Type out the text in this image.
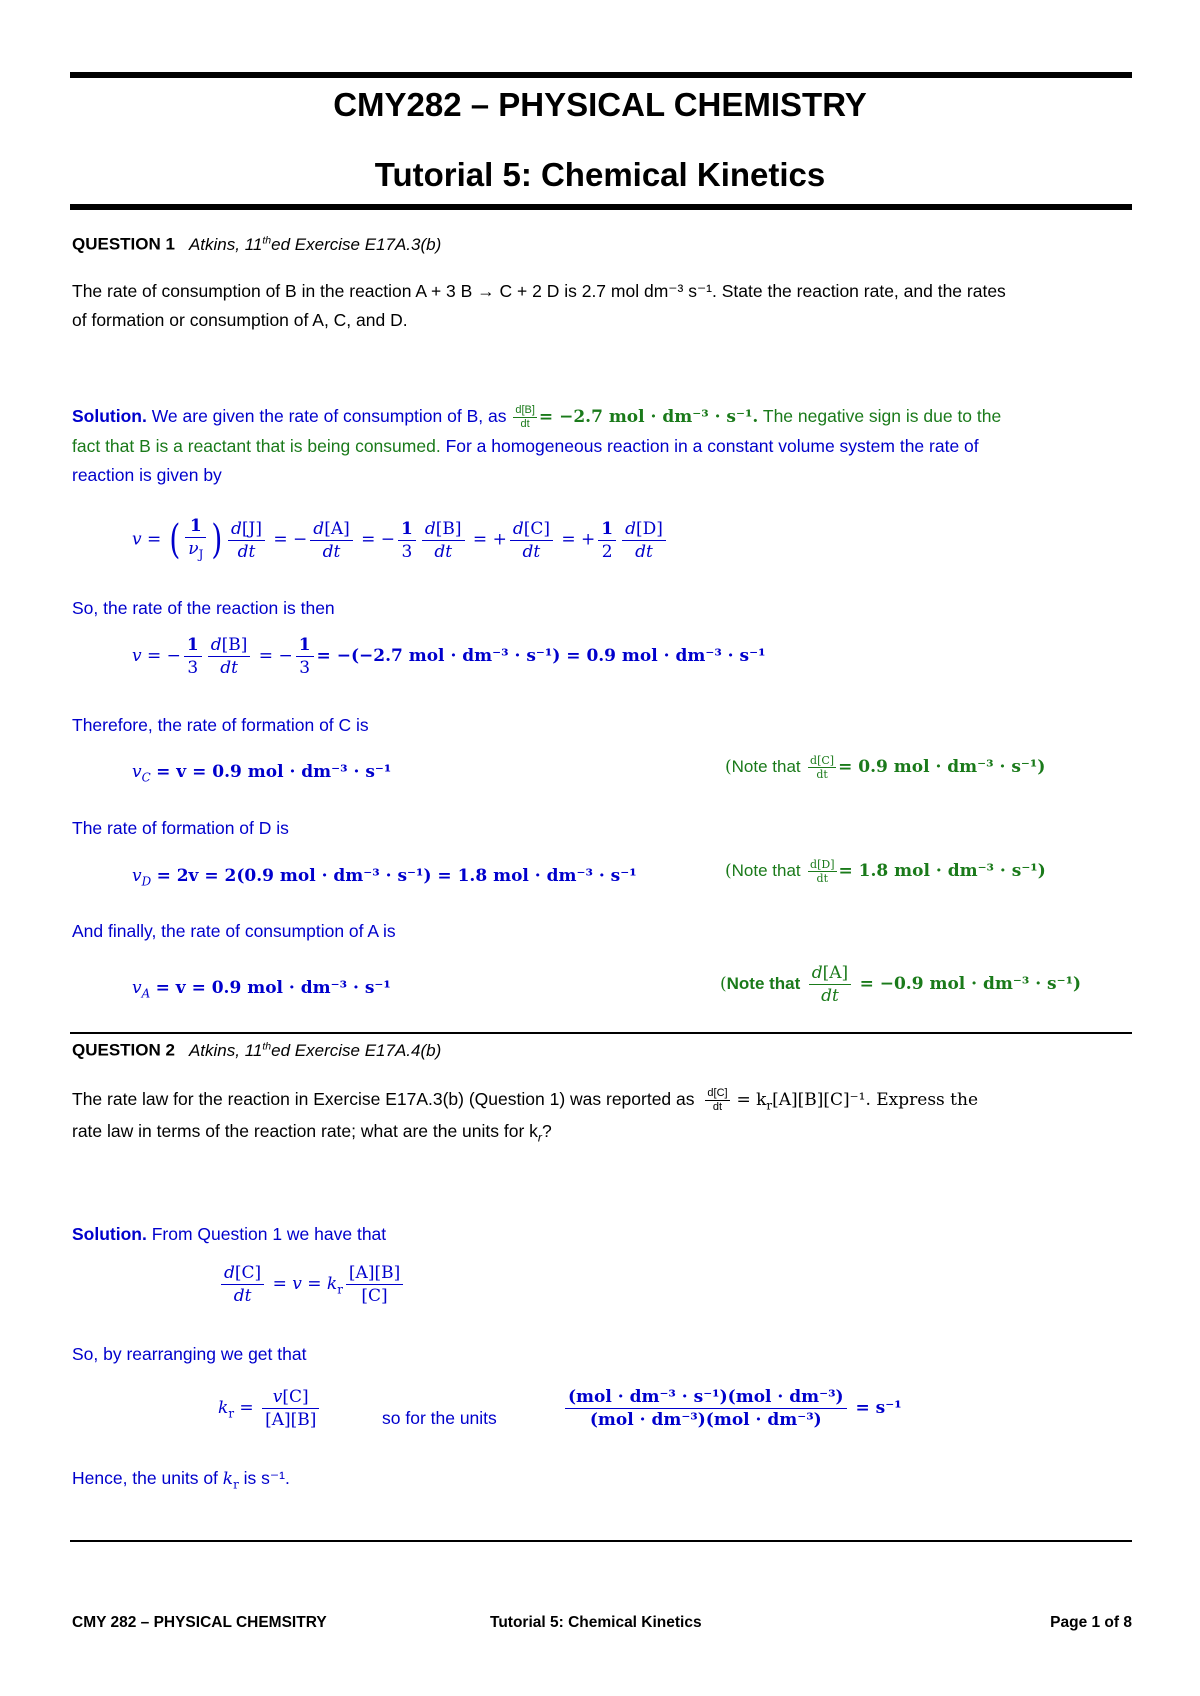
CMY282 – PHYSICAL CHEMISTRY
Tutorial 5: Chemical Kinetics
QUESTION 1 Atkins, 11thed Exercise E17A.3(b)
The rate of consumption of B in the reaction A + 3 B → C + 2 D is 2.7 mol dm⁻³ s⁻¹. State the reaction rate, and the rates
of formation or consumption of A, C, and D.
Solution. We are given the rate of consumption of B, as $\frac{d[B]}{dt} = -2.7$ mol · dm⁻³ · s⁻¹. The negative sign is due to the
fact that B is a reactant that is being consumed. For a homogeneous reaction in a constant volume system the rate of
reaction is given by
v = ( $\frac{1}{\nu_J}$ ) $\frac{d[J]}{dt}$ = − $\frac{d[A]}{dt}$ = − $\frac{1}{3} \frac{d[B]}{dt}$ = + $\frac{d[C]}{dt}$ = + $\frac{1}{2} \frac{d[D]}{dt}$
So, the rate of the reaction is then
v = − $\frac{1}{3} \frac{d[B]}{dt}$ = − $\frac{1}{3} = -(-2.7$ mol · dm⁻³ · s⁻¹) = 0.9 mol · dm⁻³ · s⁻¹
Therefore, the rate of formation of C is
$v_C = v = 0.9$ mol · dm⁻³ · s⁻¹	(Note that $\frac{d[C]}{dt} = 0.9$ mol · dm⁻³ · s⁻¹)
The rate of formation of D is
$v_D = 2v = 2(0.9$ mol · dm⁻³ · s⁻¹) = 1.8 mol · dm⁻³ · s⁻¹	(Note that $\frac{d[D]}{dt} = 1.8$ mol · dm⁻³ · s⁻¹)
And finally, the rate of consumption of A is
$v_A = v = 0.9$ mol · dm⁻³ · s⁻¹	(Note that $\frac{d[A]}{dt} = -0.9$ mol · dm⁻³ · s⁻¹)
QUESTION 2 Atkins, 11thed Exercise E17A.4(b)
The rate law for the reaction in Exercise E17A.3(b) (Question 1) was reported as $\frac{d[C]}{dt} = k_r[A][B][C]^{-1}$. Express the
rate law in terms of the reaction rate; what are the units for $k_r$?
Solution. From Question 1 we have that
$\frac{d[C]}{dt} = v = k_r \frac{[A][B]}{[C]}$
So, by rearranging we get that
$k_r = \frac{v[C]}{[A][B]}$	so for the units	$\frac{\text{(mol · dm⁻³ · s⁻¹)(mol · dm⁻³)}}{\text{(mol · dm⁻³)(mol · dm⁻³)}} = s^{-1}$
Hence, the units of $k_r$ is s⁻¹.
CMY 282 – PHYSICAL CHEMSITRY	Tutorial 5: Chemical Kinetics	Page 1 of 8
